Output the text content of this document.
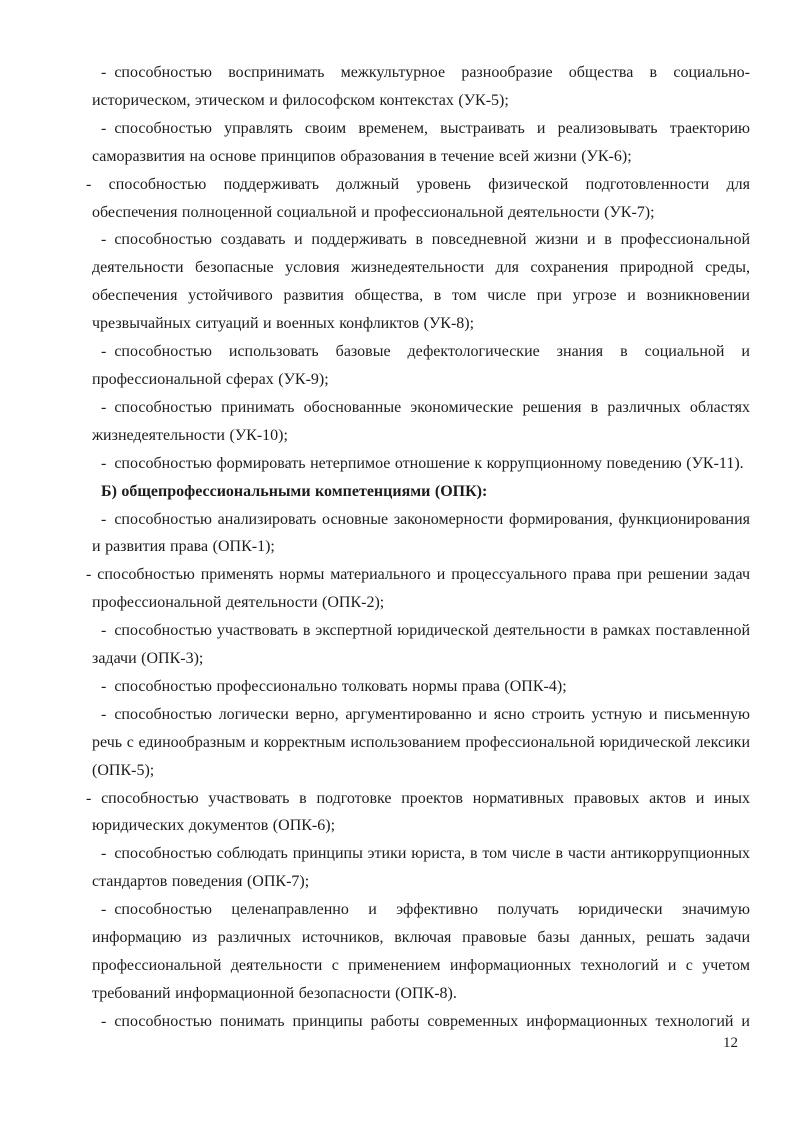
- способностью воспринимать межкультурное разнообразие общества в социально-историческом, этическом и философском контекстах (УК-5);

- способностью управлять своим временем, выстраивать и реализовывать траекторию саморазвития на основе принципов образования в течение всей жизни (УК-6);

- способностью поддерживать должный уровень физической подготовленности для обеспечения полноценной социальной и профессиональной деятельности (УК-7);

- способностью создавать и поддерживать в повседневной жизни и в профессиональной деятельности безопасные условия жизнедеятельности для сохранения природной среды, обеспечения устойчивого развития общества, в том числе при угрозе и возникновении чрезвычайных ситуаций и военных конфликтов (УК-8);

- способностью использовать базовые дефектологические знания в социальной и профессиональной сферах (УК-9);

- способностью принимать обоснованные экономические решения в различных областях жизнедеятельности (УК-10);

- способностью формировать нетерпимое отношение к коррупционному поведению (УК-11).

Б) общепрофессиональными компетенциями (ОПК):

- способностью анализировать основные закономерности формирования, функционирования и развития права (ОПК-1);

- способностью применять нормы материального и процессуального права при решении задач профессиональной деятельности (ОПК-2);

- способностью участвовать в экспертной юридической деятельности в рамках поставленной задачи (ОПК-3);

- способностью профессионально толковать нормы права (ОПК-4);

- способностью логически верно, аргументированно и ясно строить устную и письменную речь с единообразным и корректным использованием профессиональной юридической лексики (ОПК-5);

- способностью участвовать в подготовке проектов нормативных правовых актов и иных юридических документов (ОПК-6);

- способностью соблюдать принципы этики юриста, в том числе в части антикоррупционных стандартов поведения (ОПК-7);

- способностью целенаправленно и эффективно получать юридически значимую информацию из различных источников, включая правовые базы данных, решать задачи профессиональной деятельности с применением информационных технологий и с учетом требований информационной безопасности (ОПК-8).

- способностью понимать принципы работы современных информационных технологий и

12
